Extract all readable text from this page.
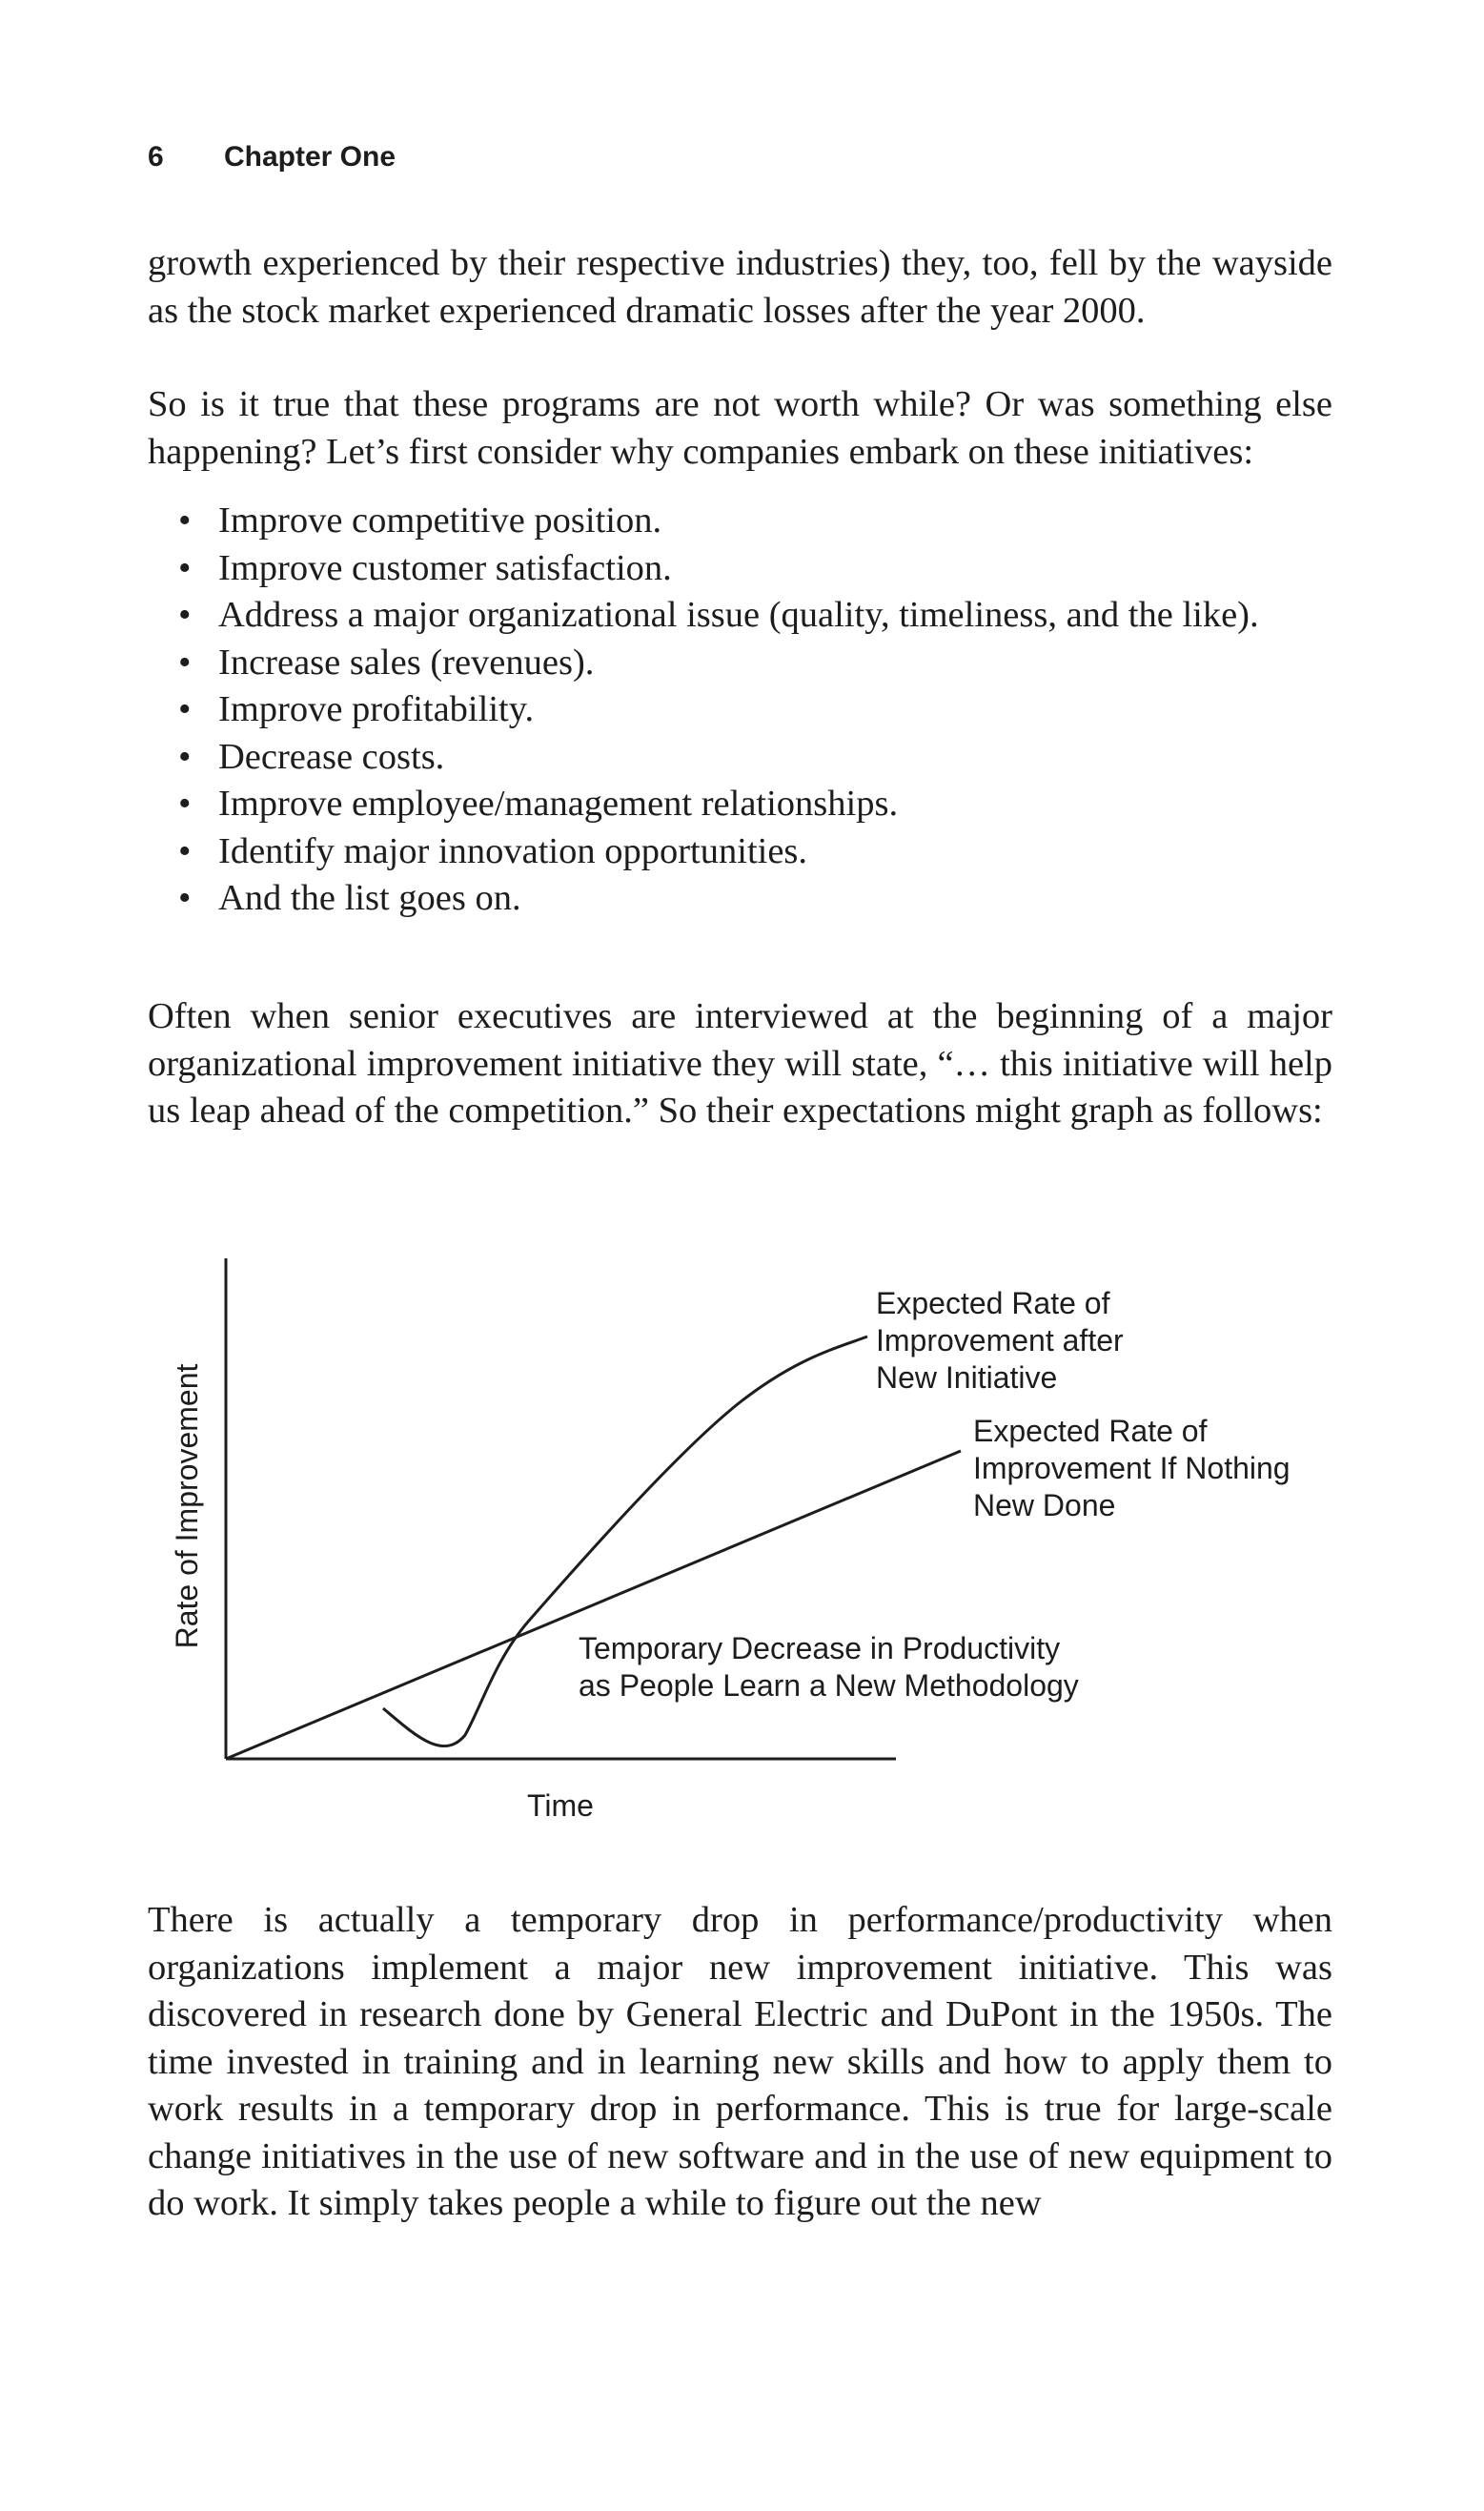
6 Chapter One

growth experienced by their respective industries) they, too, fell by the wayside as the stock market experienced dramatic losses after the year 2000.

So is it true that these programs are not worth while? Or was something else happening? Let’s first consider why companies embark on these initiatives:

• Improve competitive position.
• Improve customer satisfaction.
• Address a major organizational issue (quality, timeliness, and the like).
• Increase sales (revenues).
• Improve profitability.
• Decrease costs.
• Improve employee/management relationships.
• Identify major innovation opportunities.
• And the list goes on.

Often when senior executives are interviewed at the beginning of a major organizational improvement initiative they will state, “… this initiative will help us leap ahead of the competition.” So their expectations might graph as follows:

Rate of Improvement
Time
Expected Rate of
Improvement after
New Initiative
Expected Rate of
Improvement If Nothing
New Done
Temporary Decrease in Productivity
as People Learn a New Methodology

There is actually a temporary drop in performance/productivity when organizations implement a major new improvement initiative. This was discovered in research done by General Electric and DuPont in the 1950s. The time invested in training and in learning new skills and how to apply them to work results in a temporary drop in performance. This is true for large-scale change initiatives in the use of new software and in the use of new equipment to do work. It simply takes people a while to figure out the new
